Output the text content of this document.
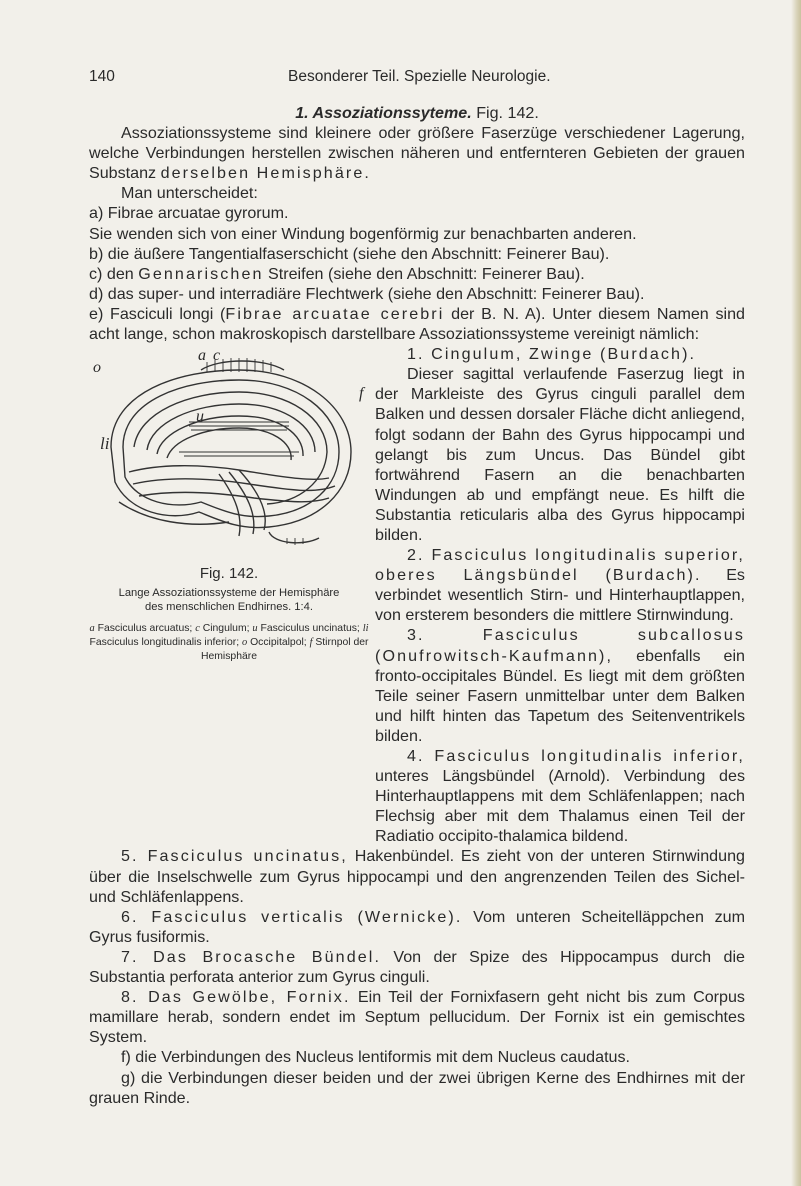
140	Besonderer Teil. Spezielle Neurologie.

1. Assoziationssyteme. Fig. 142.

Assoziationssysteme sind kleinere oder größere Faserzüge verschiedener Lagerung, welche Verbindungen herstellen zwischen näheren und entfernteren Gebieten der grauen Substanz derselben Hemisphäre.

Man unterscheidet:

a) Fibrae arcuatae gyrorum.

Sie wenden sich von einer Windung bogenförmig zur benachbarten anderen.

b) die äußere Tangentialfaserschicht (siehe den Abschnitt: Feinerer Bau).

c) den Gennarischen Streifen (siehe den Abschnitt: Feinerer Bau).

d) das super- und interradiäre Flechtwerk (siehe den Abschnitt: Feinerer Bau).

e) Fasciculi longi (Fibrae arcuatae cerebri der B. N. A). Unter diesem Namen sind acht lange, schon makroskopisch darstellbare Assoziationssysteme vereinigt nämlich:

a c
o
u
f
li
Fig. 142.
Lange Assoziationssysteme der Hemisphäre
des menschlichen Endhirnes. 1:4.
a Fasciculus arcuatus; c Cingulum; u Fasciculus uncinatus; li Fasciculus longitudinalis inferior; o Occipitalpol; f Stirnpol der Hemisphäre

1. Cingulum, Zwinge (Burdach).

Dieser sagittal verlaufende Faserzug liegt in der Markleiste des Gyrus cinguli parallel dem Balken und dessen dorsaler Fläche dicht anliegend, folgt sodann der Bahn des Gyrus hippocampi und gelangt bis zum Uncus. Das Bündel gibt fortwährend Fasern an die benachbarten Windungen ab und empfängt neue. Es hilft die Substantia reticularis alba des Gyrus hippocampi bilden.

2. Fasciculus longitudinalis superior, oberes Längsbündel (Burdach). Es verbindet wesentlich Stirn- und Hinterhauptlappen, von ersterem besonders die mittlere Stirnwindung.

3. Fasciculus subcallosus (Onufrowitsch-Kaufmann), ebenfalls ein fronto-occipitales Bündel. Es liegt mit dem größten Teile seiner Fasern unmittelbar unter dem Balken und hilft hinten das Tapetum des Seitenventrikels bilden.

4. Fasciculus longitudinalis inferior, unteres Längsbündel (Arnold). Verbindung des Hinterhauptlappens mit dem Schläfenlappen; nach Flechsig aber mit dem Thalamus einen Teil der Radiatio occipito-thalamica bildend.

5. Fasciculus uncinatus, Hakenbündel. Es zieht von der unteren Stirnwindung über die Inselschwelle zum Gyrus hippocampi und den angrenzenden Teilen des Sichel- und Schläfenlappens.

6. Fasciculus verticalis (Wernicke). Vom unteren Scheitelläppchen zum Gyrus fusiformis.

7. Das Brocasche Bündel. Von der Spize des Hippocampus durch die Substantia perforata anterior zum Gyrus cinguli.

8. Das Gewölbe, Fornix. Ein Teil der Fornixfasern geht nicht bis zum Corpus mamillare herab, sondern endet im Septum pellucidum. Der Fornix ist ein gemischtes System.

f) die Verbindungen des Nucleus lentiformis mit dem Nucleus caudatus.

g) die Verbindungen dieser beiden und der zwei übrigen Kerne des Endhirnes mit der grauen Rinde.
